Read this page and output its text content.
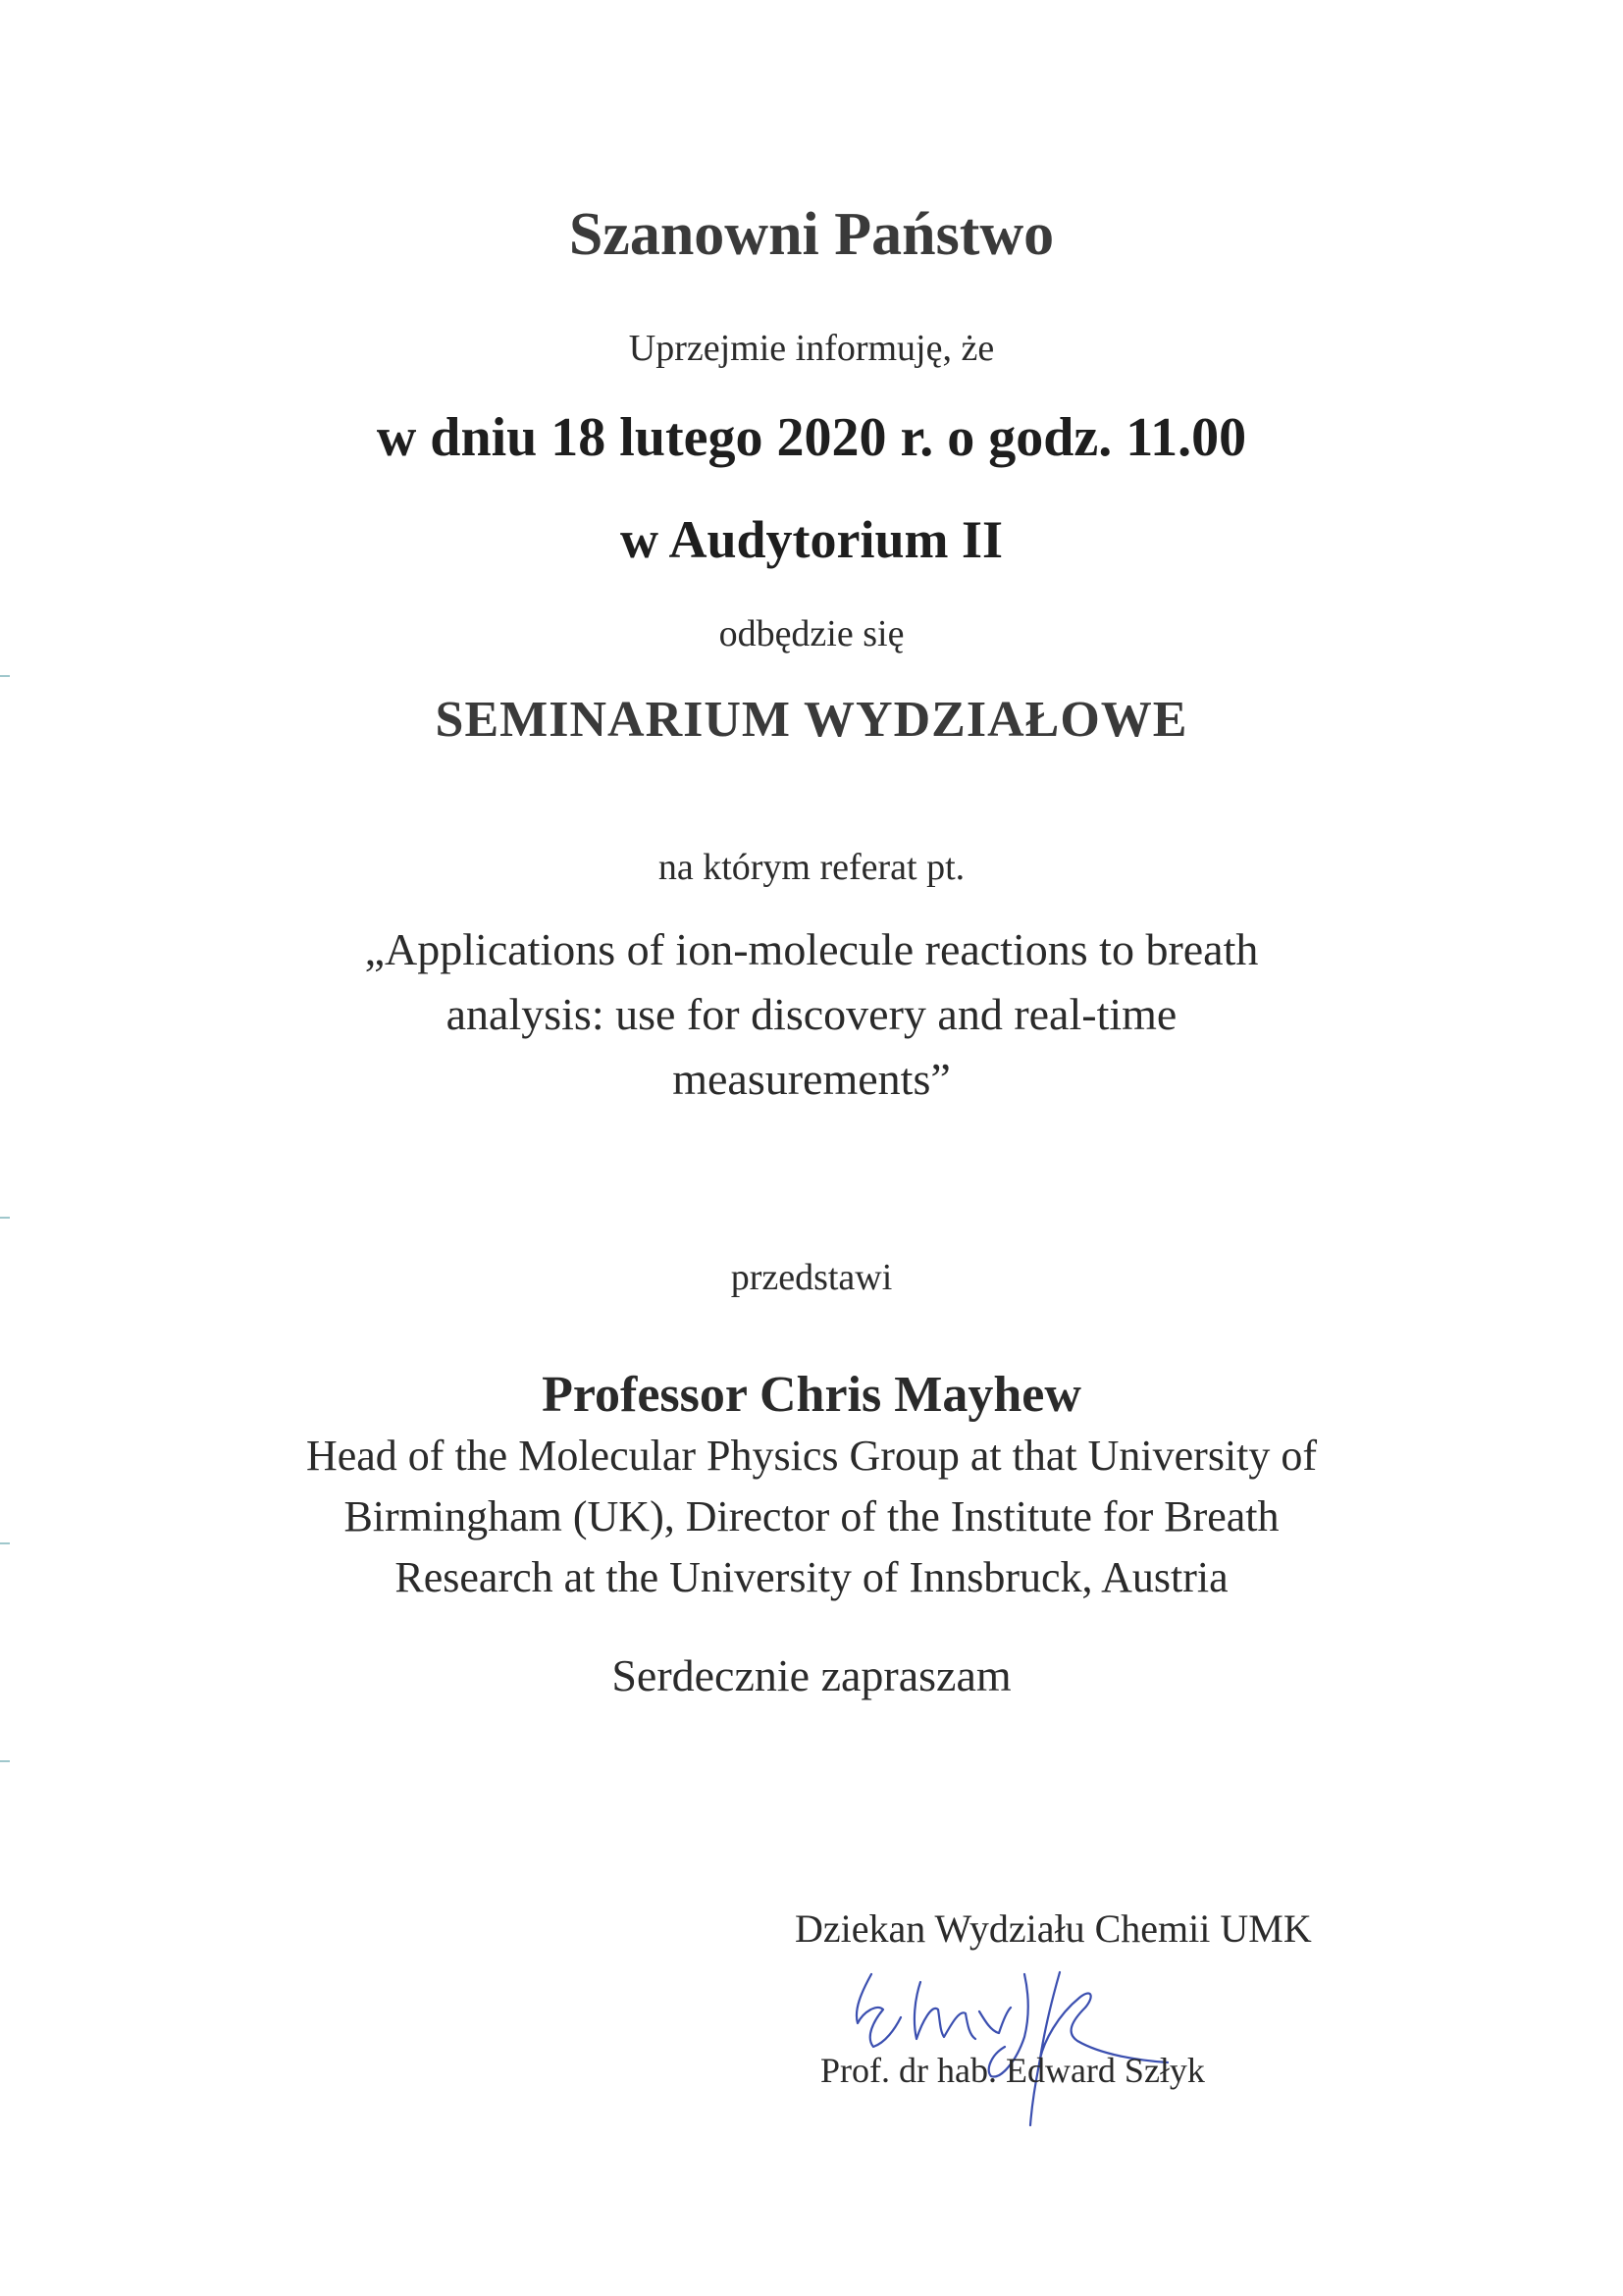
Szanowni Państwo
Uprzejmie informuję, że
w dniu 18 lutego 2020 r. o godz. 11.00
w Audytorium II
odbędzie się
SEMINARIUM WYDZIAŁOWE
na którym referat pt.
„Applications of ion-molecule reactions to breath
analysis: use for discovery and real-time
measurements”
przedstawi
Professor Chris Mayhew
Head of the Molecular Physics Group at that University of
Birmingham (UK), Director of the Institute for Breath
Research at the University of Innsbruck, Austria
Serdecznie zapraszam
Dziekan Wydziału Chemii UMK
Prof. dr hab. Edward Szłyk
